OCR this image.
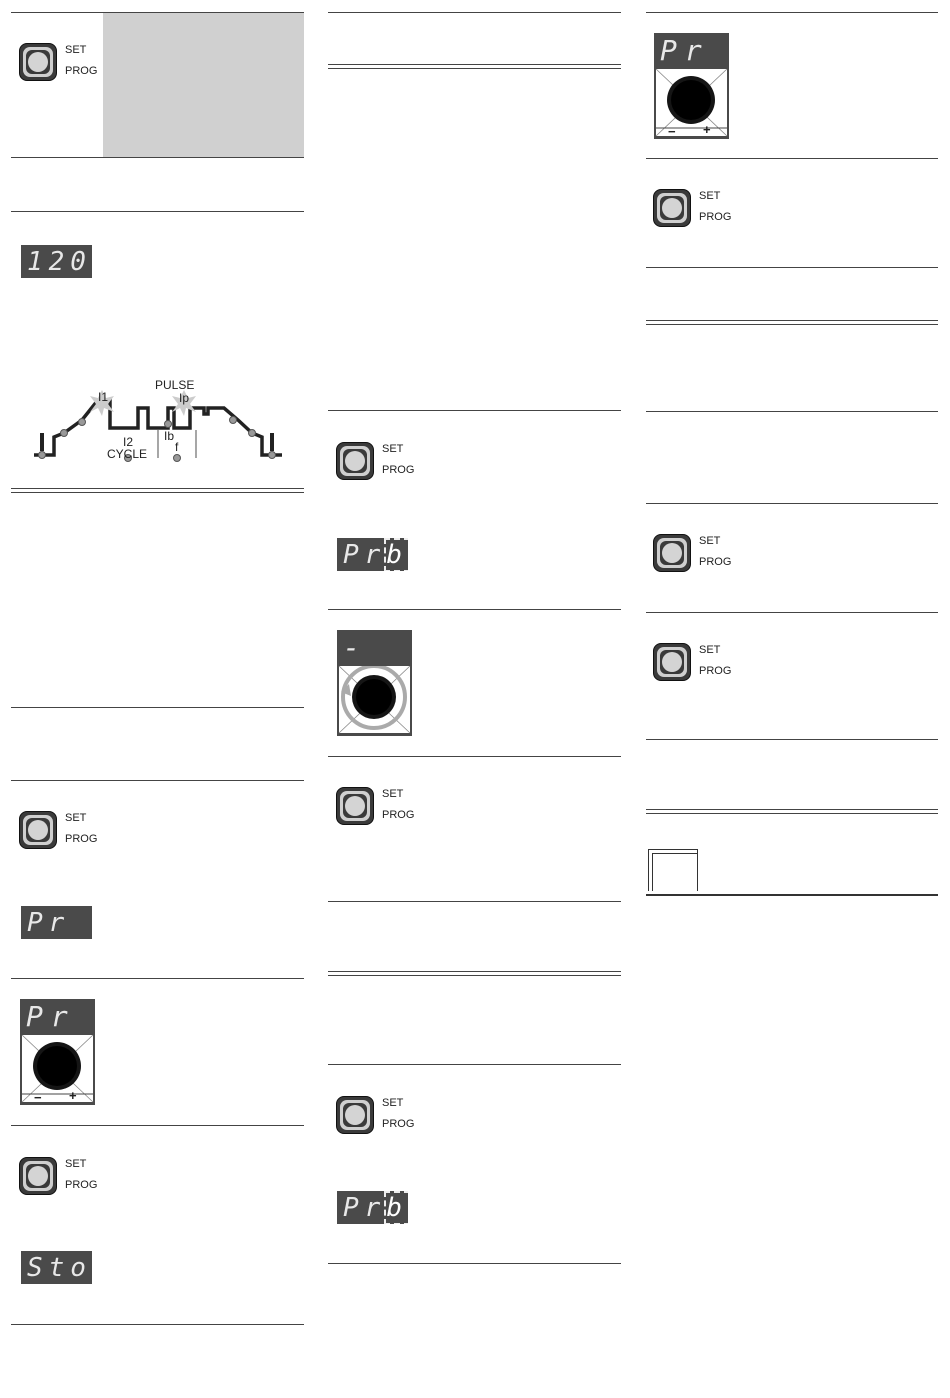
SET
PROG
120
PULSE
Ip
I1
I2	Ib
CYCLE f
SET
PROG
Pr
Pr
− +
SET
PROG
Sto
SET
PROG
Prb
-
SET
PROG
SET
PROG
Prb
Pr
− +
SET
PROG
SET
PROG
SET
PROG
